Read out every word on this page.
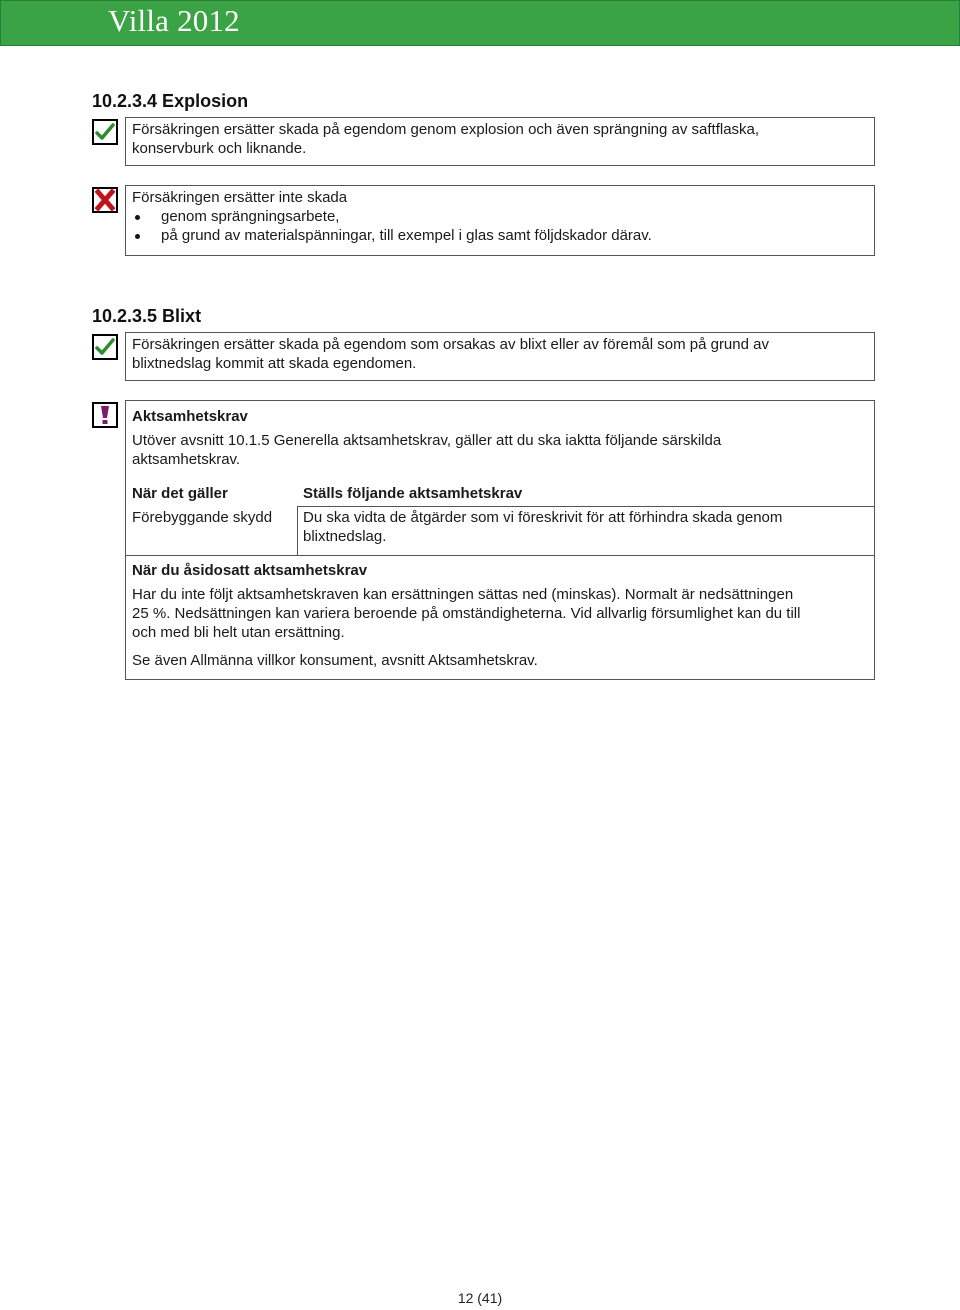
Villa 2012
10.2.3.4 Explosion

Försäkringen ersätter skada på egendom genom explosion och även sprängning av saftflaska,

konservburk och liknande.

Försäkringen ersätter inte skada

genom sprängningsarbete,
på grund av materialspänningar, till exempel i glas samt följdskador därav.
10.2.3.5 Blixt

Försäkringen ersätter skada på egendom som orsakas av blixt eller av föremål som på grund av

blixtnedslag kommit att skada egendomen.

Aktsamhetskrav

Utöver avsnitt 10.1.5 Generella aktsamhetskrav, gäller att du ska iaktta följande särskilda

aktsamhetskrav.

När det gäller	Ställs följande aktsamhetskrav
Förebyggande skydd Du ska vidta de åtgärder som vi föreskrivit för att förhindra skada genom
blixtnedslag.

När du åsidosatt aktsamhetskrav

Har du inte följt aktsamhetskraven kan ersättningen sättas ned (minskas). Normalt är nedsättningen

25 %. Nedsättningen kan variera beroende på omständigheterna. Vid allvarlig försumlighet kan du till

och med bli helt utan ersättning.

Se även Allmänna villkor konsument, avsnitt Aktsamhetskrav.

12 (41)
